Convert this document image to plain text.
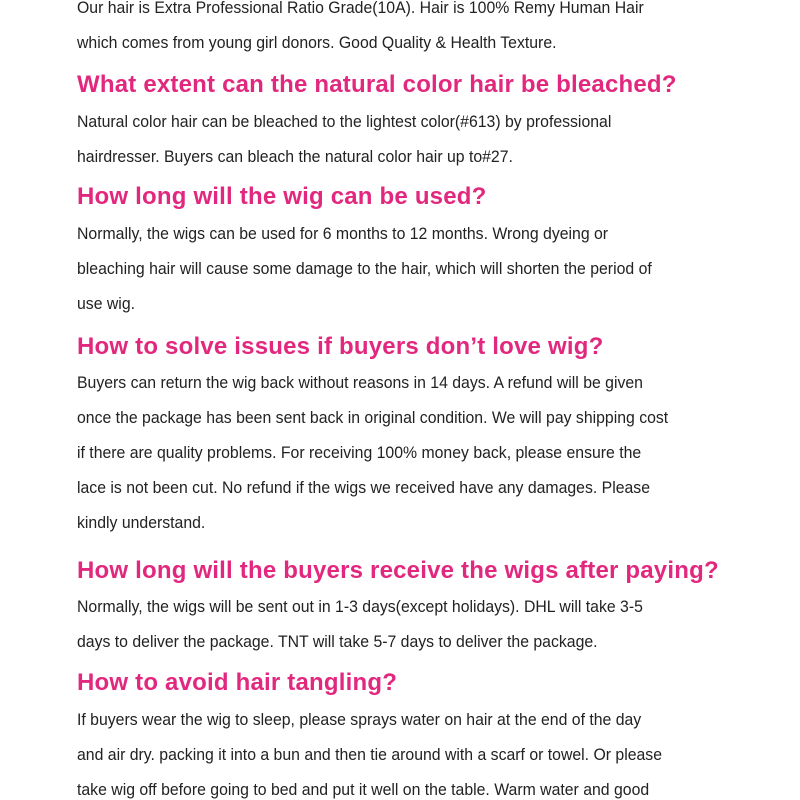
Our hair is Extra Professional Ratio Grade(10A). Hair is 100% Remy Human Hair
which comes from young girl donors. Good Quality & Health Texture.
What extent can the natural color hair be bleached?
Natural color hair can be bleached to the lightest color(#613) by professional
hairdresser. Buyers can bleach the natural color hair up to#27.
How long will the wig can be used?
Normally, the wigs can be used for 6 months to 12 months. Wrong dyeing or
bleaching hair will cause some damage to the hair, which will shorten the period of
use wig.
How to solve issues if buyers don’t love wig?
Buyers can return the wig back without reasons in 14 days. A refund will be given
once the package has been sent back in original condition. We will pay shipping cost
if there are quality problems. For receiving 100% money back, please ensure the
lace is not been cut. No refund if the wigs we received have any damages. Please
kindly understand.
How long will the buyers receive the wigs after paying?
Normally, the wigs will be sent out in 1-3 days(except holidays). DHL will take 3-5
days to deliver the package. TNT will take 5-7 days to deliver the package.
How to avoid hair tangling?
If buyers wear the wig to sleep, please sprays water on hair at the end of the day
and air dry. packing it into a bun and then tie around with a scarf or towel. Or please
take wig off before going to bed and put it well on the table. Warm water and good
